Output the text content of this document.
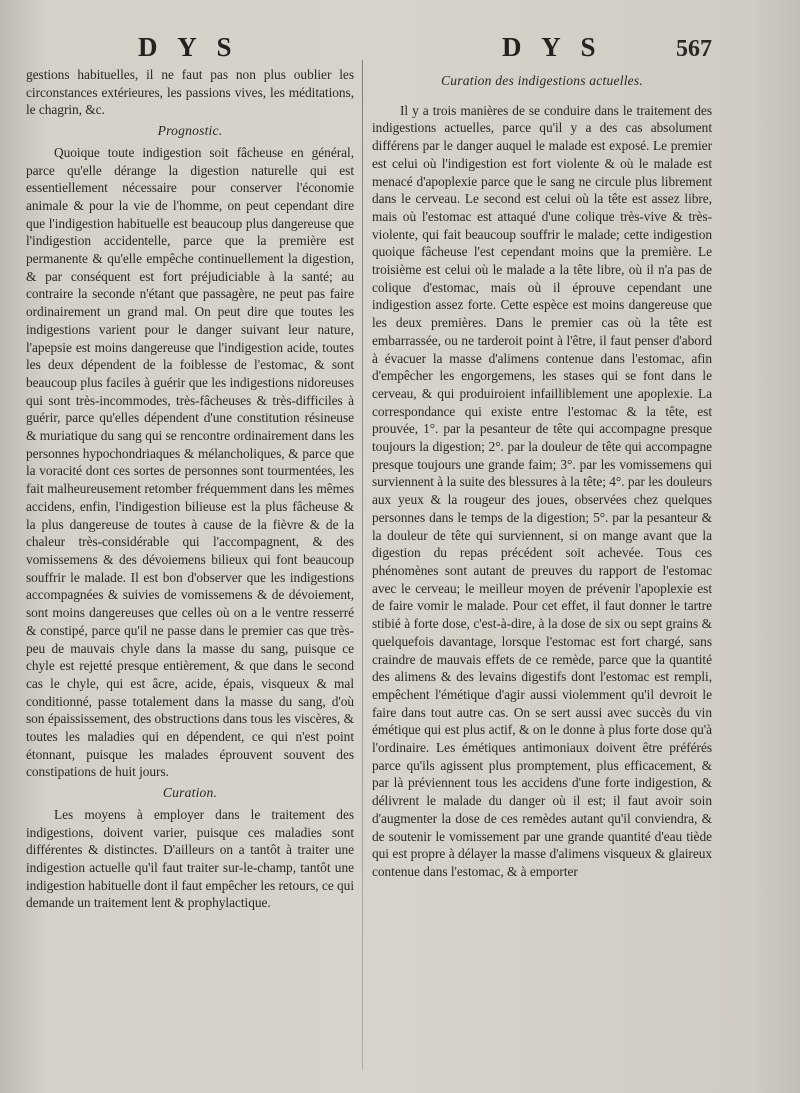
D Y S	D Y S	567

gestions habituelles, il ne faut pas non plus oublier les circonstances extérieures, les passions vives, les méditations, le chagrin, &c.

Prognostic.

Quoique toute indigestion soit fâcheuse en général, parce qu'elle dérange la digestion naturelle qui est essentiellement nécessaire pour conserver l'économie animale & pour la vie de l'homme, on peut cependant dire que l'indigestion habituelle est beaucoup plus dangereuse que l'indigestion accidentelle, parce que la première est permanente & qu'elle empêche continuellement la digestion, & par conséquent est fort préjudiciable à la santé; au contraire la seconde n'étant que passagère, ne peut pas faire ordinairement un grand mal. On peut dire que toutes les indigestions varient pour le danger suivant leur nature, l'apepsie est moins dangereuse que l'indigestion acide, toutes les deux dépendent de la foiblesse de l'estomac, & sont beaucoup plus faciles à guérir que les indigestions nidoreuses qui sont très-incommodes, très-fâcheuses & très-difficiles à guérir, parce qu'elles dépendent d'une constitution résineuse & muriatique du sang qui se rencontre ordinairement dans les personnes hypochondriaques & mélancholiques, & parce que la voracité dont ces sortes de personnes sont tourmentées, les fait malheureusement retomber fréquemment dans les mêmes accidens, enfin, l'indigestion bilieuse est la plus fâcheuse & la plus dangereuse de toutes à cause de la fièvre & de la chaleur très-considérable qui l'accompagnent, & des vomissemens & des dévoiemens bilieux qui font beaucoup souffrir le malade. Il est bon d'observer que les indigestions accompagnées & suivies de vomissemens & de dévoiement, sont moins dangereuses que celles où on a le ventre resserré & constipé, parce qu'il ne passe dans le premier cas que très-peu de mauvais chyle dans la masse du sang, puisque ce chyle est rejetté presque entièrement, & que dans le second cas le chyle, qui est âcre, acide, épais, visqueux & mal conditionné, passe totalement dans la masse du sang, d'où son épaississement, des obstructions dans tous les viscères, & toutes les maladies qui en dépendent, ce qui n'est point étonnant, puisque les malades éprouvent souvent des constipations de huit jours.

Curation.

Les moyens à employer dans le traitement des indigestions, doivent varier, puisque ces maladies sont différentes & distinctes. D'ailleurs on a tantôt à traiter une indigestion actuelle qu'il faut traiter sur-le-champ, tantôt une indigestion habituelle dont il faut empêcher les retours, ce qui demande un traitement lent & prophylactique.

Curation des indigestions actuelles.

Il y a trois manières de se conduire dans le traitement des indigestions actuelles, parce qu'il y a des cas absolument différens par le danger auquel le malade est exposé. Le premier est celui où l'indigestion est fort violente & où le malade est menacé d'apoplexie parce que le sang ne circule plus librement dans le cerveau. Le second est celui où la tête est assez libre, mais où l'estomac est attaqué d'une colique très-vive & très-violente, qui fait beaucoup souffrir le malade; cette indigestion quoique fâcheuse l'est cependant moins que la première. Le troisième est celui où le malade a la tête libre, où il n'a pas de colique d'estomac, mais où il éprouve cependant une indigestion assez forte. Cette espèce est moins dangereuse que les deux premières. Dans le premier cas où la tête est embarrassée, ou ne tarderoit point à l'être, il faut penser d'abord à évacuer la masse d'alimens contenue dans l'estomac, afin d'empêcher les engorgemens, les stases qui se font dans le cerveau, & qui produiroient infailliblement une apoplexie. La correspondance qui existe entre l'estomac & la tête, est prouvée, 1°. par la pesanteur de tête qui accompagne presque toujours la digestion; 2°. par la douleur de tête qui accompagne presque toujours une grande faim; 3°. par les vomissemens qui surviennent à la suite des blessures à la tête; 4°. par les douleurs aux yeux & la rougeur des joues, observées chez quelques personnes dans le temps de la digestion; 5°. par la pesanteur & la douleur de tête qui surviennent, si on mange avant que la digestion du repas précédent soit achevée. Tous ces phénomènes sont autant de preuves du rapport de l'estomac avec le cerveau; le meilleur moyen de prévenir l'apoplexie est de faire vomir le malade. Pour cet effet, il faut donner le tartre stibié à forte dose, c'est-à-dire, à la dose de six ou sept grains & quelquefois davantage, lorsque l'estomac est fort chargé, sans craindre de mauvais effets de ce remède, parce que la quantité des alimens & des levains digestifs dont l'estomac est rempli, empêchent l'émétique d'agir aussi violemment qu'il devroit le faire dans tout autre cas. On se sert aussi avec succès du vin émétique qui est plus actif, & on le donne à plus forte dose qu'à l'ordinaire. Les émétiques antimoniaux doivent être préférés parce qu'ils agissent plus promptement, plus efficacement, & par là préviennent tous les accidens d'une forte indigestion, & délivrent le malade du danger où il est; il faut avoir soin d'augmenter la dose de ces remèdes autant qu'il conviendra, & de soutenir le vomissement par une grande quantité d'eau tiède qui est propre à délayer la masse d'alimens visqueux & glaireux contenue dans l'estomac, & à emporter
